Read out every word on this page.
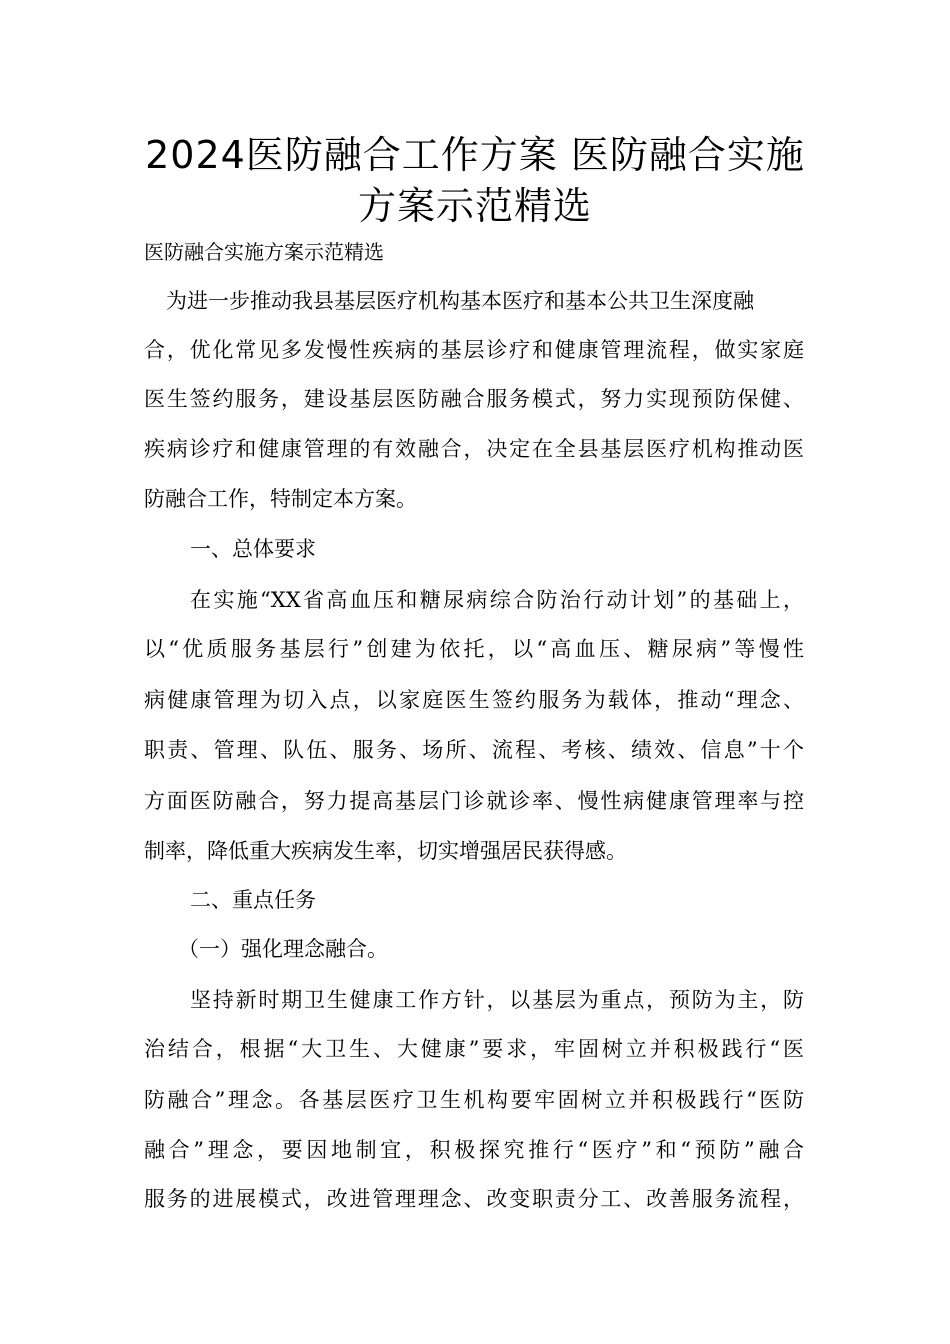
2024医防融合工作方案 医防融合实施
方案示范精选
医防融合实施方案示范精选
为进一步推动我县基层医疗机构基本医疗和基本公共卫生深度融
合，优化常见多发慢性疾病的基层诊疗和健康管理流程，做实家庭
医生签约服务，建设基层医防融合服务模式，努力实现预防保健、
疾病诊疗和健康管理的有效融合，决定在全县基层医疗机构推动医
防融合工作，特制定本方案。
一、总体要求
在实施“XX省高血压和糖尿病综合防治行动计划”的基础上，
以“优质服务基层行”创建为依托，以“高血压、糖尿病”等慢性
病健康管理为切入点，以家庭医生签约服务为载体，推动“理念、
职责、管理、队伍、服务、场所、流程、考核、绩效、信息”十个
方面医防融合，努力提高基层门诊就诊率、慢性病健康管理率与控
制率，降低重大疾病发生率，切实增强居民获得感。
二、重点任务
（一）强化理念融合。
坚持新时期卫生健康工作方针，以基层为重点，预防为主，防
治结合，根据“大卫生、大健康”要求，牢固树立并积极践行“医
防融合”理念。各基层医疗卫生机构要牢固树立并积极践行“医防
融合”理念，要因地制宜，积极探究推行“医疗”和“预防”融合
服务的进展模式，改进管理理念、改变职责分工、改善服务流程，
